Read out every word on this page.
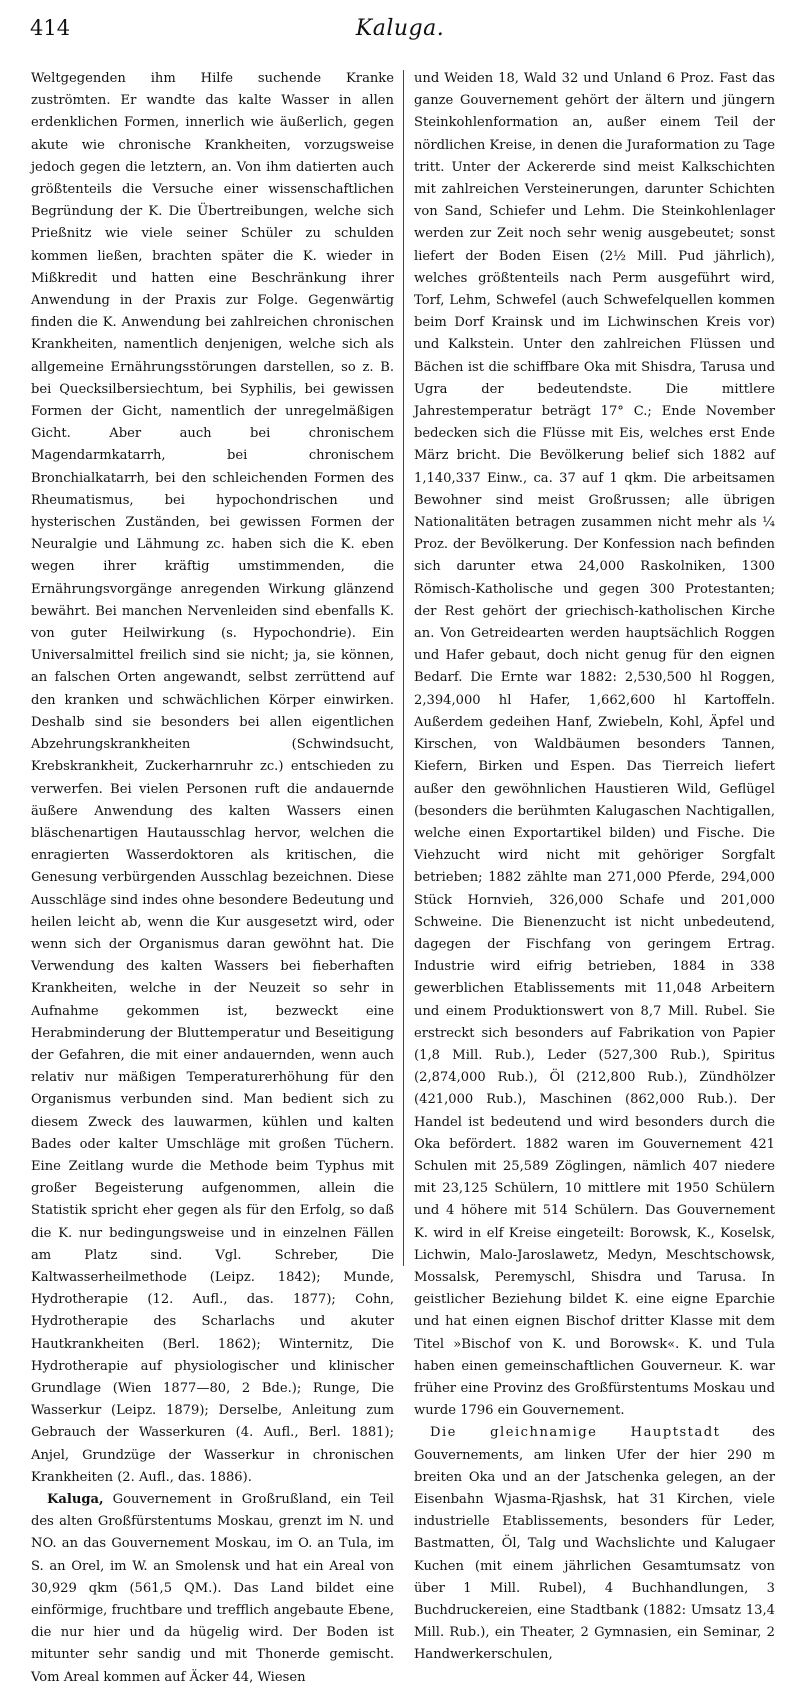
414	Kaluga.

Weltgegenden ihm Hilfe suchende Kranke zuströmten. Er wandte das kalte Wasser in allen erdenklichen Formen, innerlich wie äußerlich, gegen akute wie chronische Krankheiten, vorzugsweise jedoch gegen die letztern, an. Von ihm datierten auch größtenteils die Versuche einer wissenschaftlichen Begründung der K. Die Übertreibungen, welche sich Prießnitz wie viele seiner Schüler zu schulden kommen ließen, brachten später die K. wieder in Mißkredit und hatten eine Beschränkung ihrer Anwendung in der Praxis zur Folge. Gegenwärtig finden die K. Anwendung bei zahlreichen chronischen Krankheiten, namentlich denjenigen, welche sich als allgemeine Ernährungsstörungen darstellen, so z. B. bei Quecksilbersiechtum, bei Syphilis, bei gewissen Formen der Gicht, namentlich der unregelmäßigen Gicht. Aber auch bei chronischem Magendarmkatarrh, bei chronischem Bronchialkatarrh, bei den schleichenden Formen des Rheumatismus, bei hypochondrischen und hysterischen Zuständen, bei gewissen Formen der Neuralgie und Lähmung zc. haben sich die K. eben wegen ihrer kräftig umstimmenden, die Ernährungsvorgänge anregenden Wirkung glänzend bewährt. Bei manchen Nervenleiden sind ebenfalls K. von guter Heilwirkung (s. Hypochondrie). Ein Universalmittel freilich sind sie nicht; ja, sie können, an falschen Orten angewandt, selbst zerrüttend auf den kranken und schwächlichen Körper einwirken. Deshalb sind sie besonders bei allen eigentlichen Abzehrungskrankheiten (Schwindsucht, Krebskrankheit, Zuckerharnruhr zc.) entschieden zu verwerfen. Bei vielen Personen ruft die andauernde äußere Anwendung des kalten Wassers einen bläschenartigen Hautausschlag hervor, welchen die enragierten Wasserdoktoren als kritischen, die Genesung verbürgenden Ausschlag bezeichnen. Diese Ausschläge sind indes ohne besondere Bedeutung und heilen leicht ab, wenn die Kur ausgesetzt wird, oder wenn sich der Organismus daran gewöhnt hat. Die Verwendung des kalten Wassers bei fieberhaften Krankheiten, welche in der Neuzeit so sehr in Aufnahme gekommen ist, bezweckt eine Herabminderung der Bluttemperatur und Beseitigung der Gefahren, die mit einer andauernden, wenn auch relativ nur mäßigen Temperaturerhöhung für den Organismus verbunden sind. Man bedient sich zu diesem Zweck des lauwarmen, kühlen und kalten Bades oder kalter Umschläge mit großen Tüchern. Eine Zeitlang wurde die Methode beim Typhus mit großer Begeisterung aufgenommen, allein die Statistik spricht eher gegen als für den Erfolg, so daß die K. nur bedingungsweise und in einzelnen Fällen am Platz sind. Vgl. Schreber, Die Kaltwasserheilmethode (Leipz. 1842); Munde, Hydrotherapie (12. Aufl., das. 1877); Cohn, Hydrotherapie des Scharlachs und akuter Hautkrankheiten (Berl. 1862); Winternitz, Die Hydrotherapie auf physiologischer und klinischer Grundlage (Wien 1877—80, 2 Bde.); Runge, Die Wasserkur (Leipz. 1879); Derselbe, Anleitung zum Gebrauch der Wasserkuren (4. Aufl., Berl. 1881); Anjel, Grundzüge der Wasserkur in chronischen Krankheiten (2. Aufl., das. 1886).

Kaluga, Gouvernement in Großrußland, ein Teil des alten Großfürstentums Moskau, grenzt im N. und NO. an das Gouvernement Moskau, im O. an Tula, im S. an Orel, im W. an Smolensk und hat ein Areal von 30,929 qkm (561,5 QM.). Das Land bildet eine einförmige, fruchtbare und trefflich angebaute Ebene, die nur hier und da hügelig wird. Der Boden ist mitunter sehr sandig und mit Thonerde gemischt. Vom Areal kommen auf Äcker 44, Wiesen

und Weiden 18, Wald 32 und Unland 6 Proz. Fast das ganze Gouvernement gehört der ältern und jüngern Steinkohlenformation an, außer einem Teil der nördlichen Kreise, in denen die Juraformation zu Tage tritt. Unter der Ackererde sind meist Kalkschichten mit zahlreichen Versteinerungen, darunter Schichten von Sand, Schiefer und Lehm. Die Steinkohlenlager werden zur Zeit noch sehr wenig ausgebeutet; sonst liefert der Boden Eisen (2½ Mill. Pud jährlich), welches größtenteils nach Perm ausgeführt wird, Torf, Lehm, Schwefel (auch Schwefelquellen kommen beim Dorf Krainsk und im Lichwinschen Kreis vor) und Kalkstein. Unter den zahlreichen Flüssen und Bächen ist die schiffbare Oka mit Shisdra, Tarusa und Ugra der bedeutendste. Die mittlere Jahrestemperatur beträgt 17° C.; Ende November bedecken sich die Flüsse mit Eis, welches erst Ende März bricht. Die Bevölkerung belief sich 1882 auf 1,140,337 Einw., ca. 37 auf 1 qkm. Die arbeitsamen Bewohner sind meist Großrussen; alle übrigen Nationalitäten betragen zusammen nicht mehr als ¼ Proz. der Bevölkerung. Der Konfession nach befinden sich darunter etwa 24,000 Raskolniken, 1300 Römisch-Katholische und gegen 300 Protestanten; der Rest gehört der griechisch-katholischen Kirche an. Von Getreidearten werden hauptsächlich Roggen und Hafer gebaut, doch nicht genug für den eignen Bedarf. Die Ernte war 1882: 2,530,500 hl Roggen, 2,394,000 hl Hafer, 1,662,600 hl Kartoffeln. Außerdem gedeihen Hanf, Zwiebeln, Kohl, Äpfel und Kirschen, von Waldbäumen besonders Tannen, Kiefern, Birken und Espen. Das Tierreich liefert außer den gewöhnlichen Haustieren Wild, Geflügel (besonders die berühmten Kalugaschen Nachtigallen, welche einen Exportartikel bilden) und Fische. Die Viehzucht wird nicht mit gehöriger Sorgfalt betrieben; 1882 zählte man 271,000 Pferde, 294,000 Stück Hornvieh, 326,000 Schafe und 201,000 Schweine. Die Bienenzucht ist nicht unbedeutend, dagegen der Fischfang von geringem Ertrag. Industrie wird eifrig betrieben, 1884 in 338 gewerblichen Etablissements mit 11,048 Arbeitern und einem Produktionswert von 8,7 Mill. Rubel. Sie erstreckt sich besonders auf Fabrikation von Papier (1,8 Mill. Rub.), Leder (527,300 Rub.), Spiritus (2,874,000 Rub.), Öl (212,800 Rub.), Zündhölzer (421,000 Rub.), Maschinen (862,000 Rub.). Der Handel ist bedeutend und wird besonders durch die Oka befördert. 1882 waren im Gouvernement 421 Schulen mit 25,589 Zöglingen, nämlich 407 niedere mit 23,125 Schülern, 10 mittlere mit 1950 Schülern und 4 höhere mit 514 Schülern. Das Gouvernement K. wird in elf Kreise eingeteilt: Borowsk, K., Koselsk, Lichwin, Malo-Jaroslawetz, Medyn, Meschtschowsk, Mossalsk, Peremyschl, Shisdra und Tarusa. In geistlicher Beziehung bildet K. eine eigne Eparchie und hat einen eignen Bischof dritter Klasse mit dem Titel »Bischof von K. und Borowsk«. K. und Tula haben einen gemeinschaftlichen Gouverneur. K. war früher eine Provinz des Großfürstentums Moskau und wurde 1796 ein Gouvernement.

Die gleichnamige Hauptstadt des Gouvernements, am linken Ufer der hier 290 m breiten Oka und an der Jatschenka gelegen, an der Eisenbahn Wjasma-Rjashsk, hat 31 Kirchen, viele industrielle Etablissements, besonders für Leder, Bastmatten, Öl, Talg und Wachslichte und Kalugaer Kuchen (mit einem jährlichen Gesamtumsatz von über 1 Mill. Rubel), 4 Buchhandlungen, 3 Buchdruckereien, eine Stadtbank (1882: Umsatz 13,4 Mill. Rub.), ein Theater, 2 Gymnasien, ein Seminar, 2 Handwerkerschulen,
